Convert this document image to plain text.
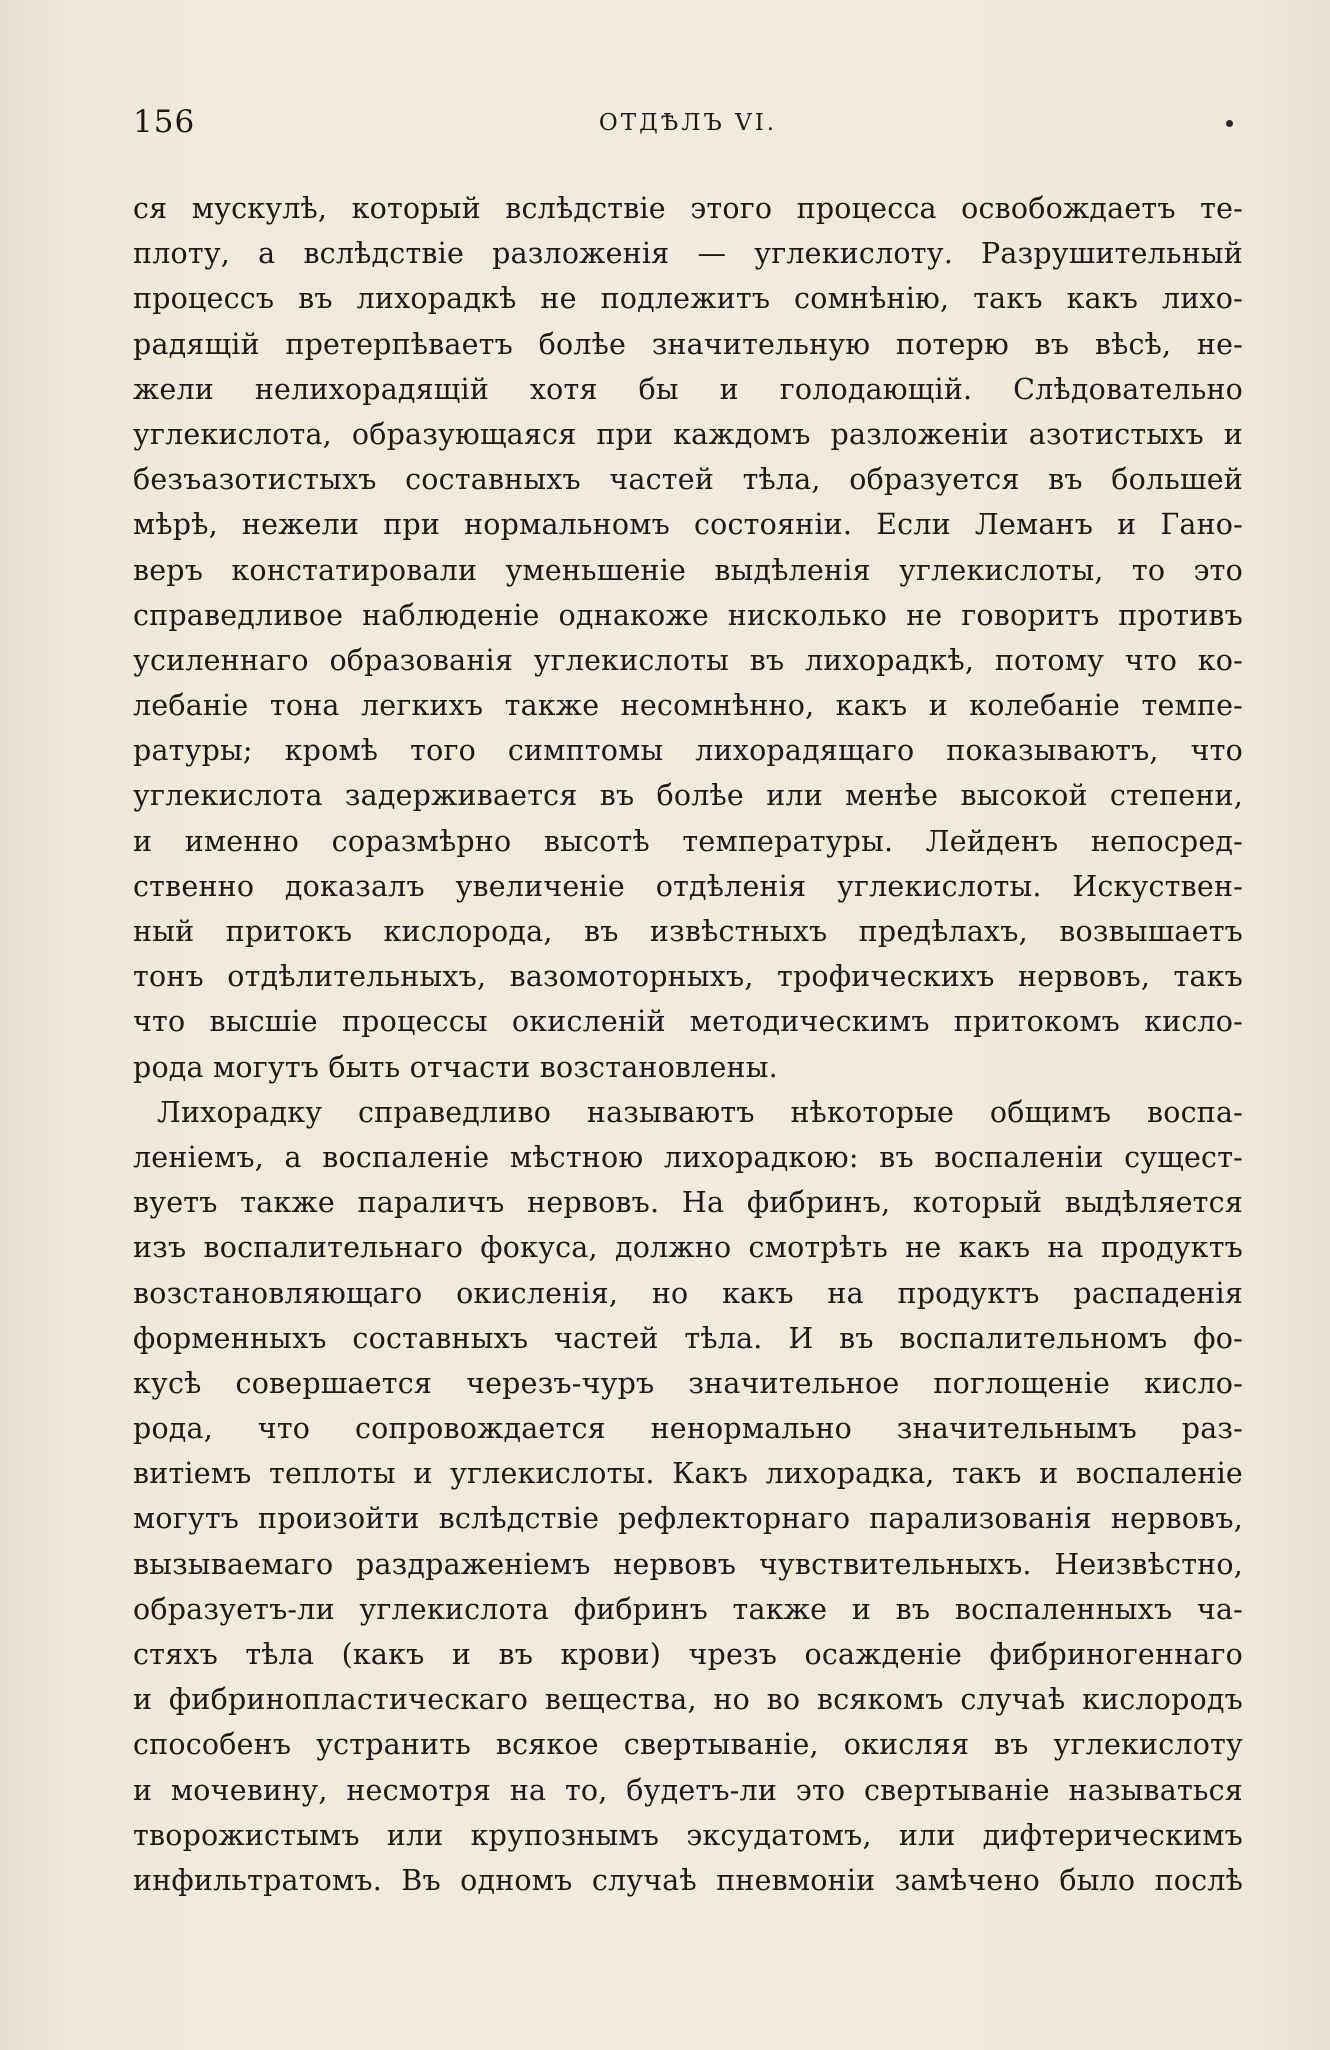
156	ОТДѢЛЪ VI.
ся мускулѣ, который вслѣдствіе этого процесса освобождаетъ те-
плоту, а вслѣдствіе разложенія — углекислоту. Разрушительный
процессъ въ лихорадкѣ не подлежитъ сомнѣнію, такъ какъ лихо-
радящій претерпѣваетъ болѣе значительную потерю въ вѣсѣ, не-
жели нелихорадящій хотя бы и голодающій. Слѣдовательно
углекислота, образующаяся при каждомъ разложеніи азотистыхъ и
безъазотистыхъ составныхъ частей тѣла, образуется въ большей
мѣрѣ, нежели при нормальномъ состояніи. Если Леманъ и Гано-
веръ констатировали уменьшеніе выдѣленія углекислоты, то это
справедливое наблюденіе однакоже нисколько не говоритъ противъ
усиленнаго образованія углекислоты въ лихорадкѣ, потому что ко-
лебаніе тона легкихъ также несомнѣнно, какъ и колебаніе темпе-
ратуры; кромѣ того симптомы лихорадящаго показываютъ, что
углекислота задерживается въ болѣе или менѣе высокой степени,
и именно соразмѣрно высотѣ температуры. Лейденъ непосред-
ственно доказалъ увеличеніе отдѣленія углекислоты. Искуствен-
ный притокъ кислорода, въ извѣстныхъ предѣлахъ, возвышаетъ
тонъ отдѣлительныхъ, вазомоторныхъ, трофическихъ нервовъ, такъ
что высшіе процессы окисленій методическимъ притокомъ кисло-
рода могутъ быть отчасти возстановлены.
Лихорадку справедливо называютъ нѣкоторые общимъ воспа-
леніемъ, а воспаленіе мѣстною лихорадкою: въ воспаленіи сущест-
вуетъ также параличъ нервовъ. На фибринъ, который выдѣляется
изъ воспалительнаго фокуса, должно смотрѣть не какъ на продуктъ
возстановляющаго окисленія, но какъ на продуктъ распаденія
форменныхъ составныхъ частей тѣла. И въ воспалительномъ фо-
кусѣ совершается черезъ-чуръ значительное поглощеніе кисло-
рода, что сопровождается ненормально значительнымъ раз-
витіемъ теплоты и углекислоты. Какъ лихорадка, такъ и воспаленіе
могутъ произойти вслѣдствіе рефлекторнаго парализованія нервовъ,
вызываемаго раздраженіемъ нервовъ чувствительныхъ. Неизвѣстно,
образуетъ-ли углекислота фибринъ также и въ воспаленныхъ ча-
стяхъ тѣла (какъ и въ крови) чрезъ осажденіе фибриногеннаго
и фибринопластическаго вещества, но во всякомъ случаѣ кислородъ
способенъ устранить всякое свертываніе, окисляя въ углекислоту
и мочевину, несмотря на то, будетъ-ли это свертываніе называться
творожистымъ или крупознымъ эксудатомъ, или дифтерическимъ
инфильтратомъ. Въ одномъ случаѣ пневмоніи замѣчено было послѣ
